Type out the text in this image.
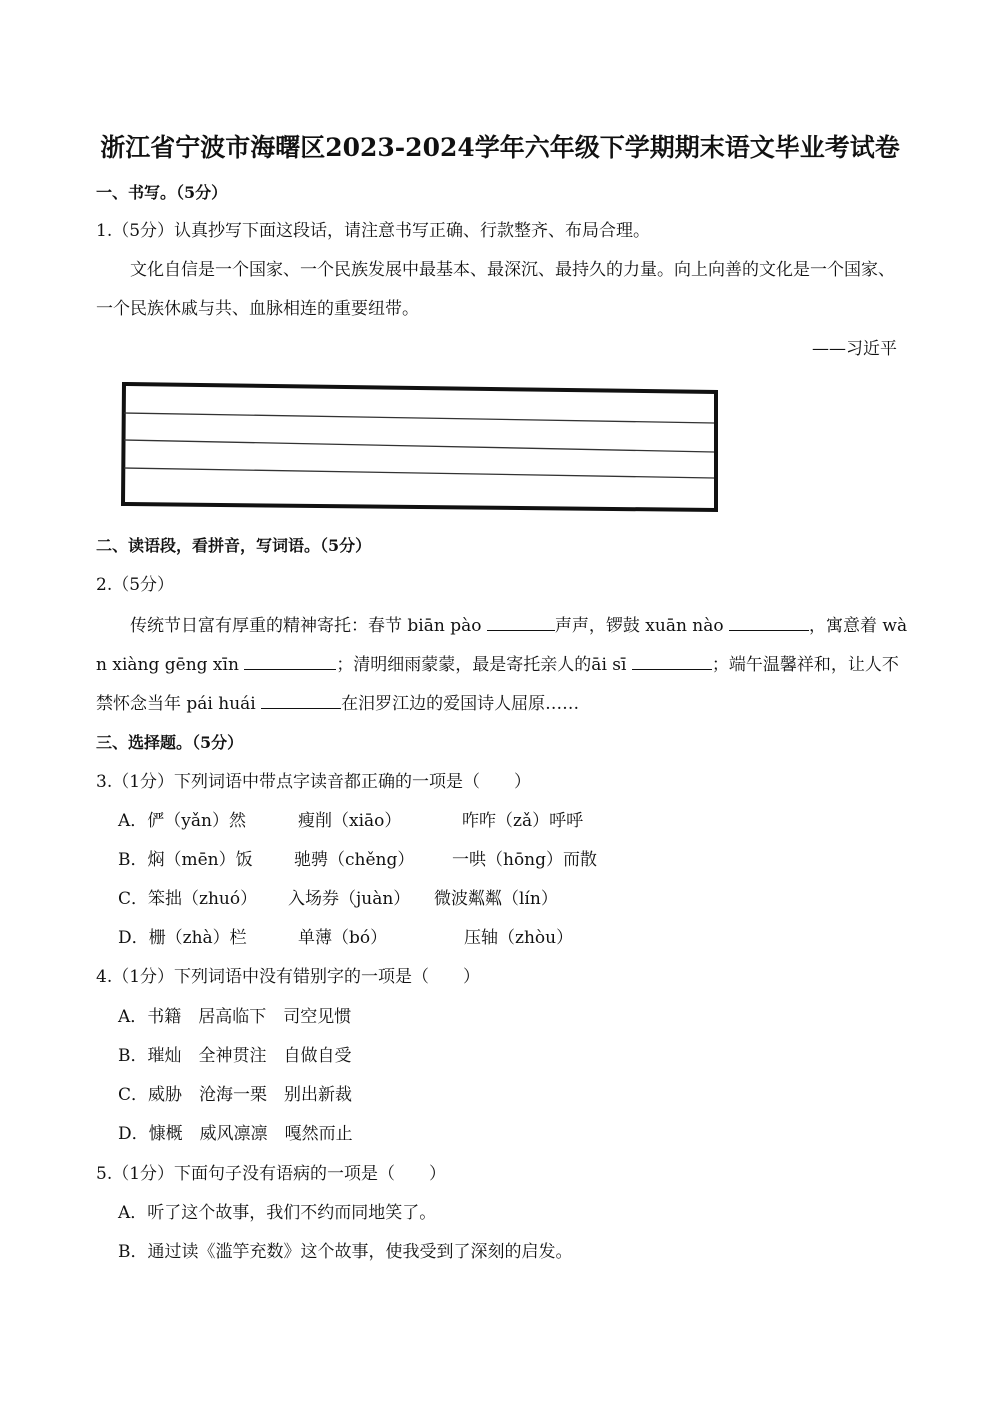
浙江省宁波市海曙区2023-2024学年六年级下学期期末语文毕业考试卷
一、书写。（5分）
1.（5分）认真抄写下面这段话，请注意书写正确、行款整齐、布局合理。
文化自信是一个国家、一个民族发展中最基本、最深沉、最持久的力量。向上向善的文化是一个国家、
一个民族休戚与共、血脉相连的重要纽带。
——习近平
二、读语段，看拼音，写词语。（5分）
2.（5分）
传统节日富有厚重的精神寄托：春节 biān pào	声声，锣鼓 xuān nào	，寓意着 wà
n xiàng gēng xīn	；清明细雨蒙蒙，最是寄托亲人的āi sī	；端午温馨祥和，让人不
禁怀念当年 pái huái	在汨罗江边的爱国诗人屈原……
三、选择题。（5分）
3.（1分）下列词语中带点字读音都正确的一项是（　　）
A．俨（yǎn）然	瘦削（xiāo）	咋咋（zǎ）呼呼
B．焖（mēn）饭 驰骋（chěng） 一哄（hōng）而散
C．笨拙（zhuó） 入场券（juàn） 微波粼粼（lín）
D．栅（zhà）栏	单薄（bó）	压轴（zhòu）
4.（1分）下列词语中没有错别字的一项是（　　）
A．书籍　居高临下　司空见惯
B．璀灿　全神贯注　自做自受
C．威胁　沧海一栗　别出新裁
D．慷概　威风凛凛　嘎然而止
5.（1分）下面句子没有语病的一项是（　　）
A．听了这个故事，我们不约而同地笑了。
B．通过读《滥竽充数》这个故事，使我受到了深刻的启发。
